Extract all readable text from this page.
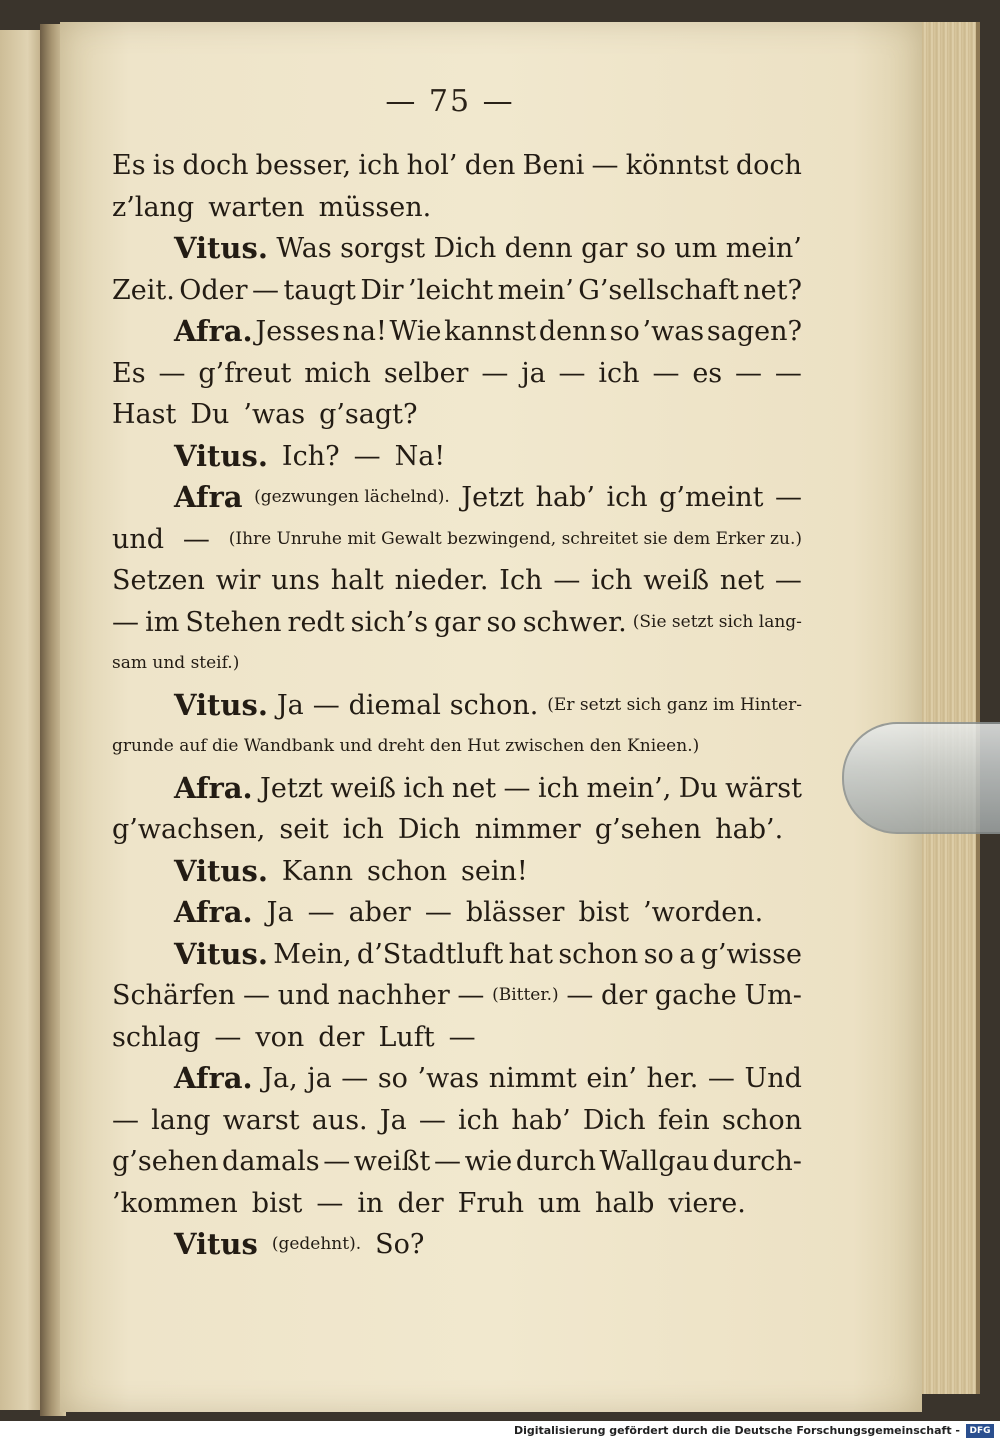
— 75 —
Es is doch besser, ich hol’ den Beni — könntst doch
z’lang warten müssen.
Vitus. Was sorgst Dich denn gar so um mein’
Zeit. Oder — taugt Dir ’leicht mein’ G’sellschaft net?
Afra. Jesses na! Wie kannst denn so ’was sagen?
Es — g’freut mich selber — ja — ich — es — —
Hast Du ’was g’sagt?
Vitus. Ich? — Na!
Afra (gezwungen lächelnd). Jetzt hab’ ich g’meint —
und — (Ihre Unruhe mit Gewalt bezwingend, schreitet sie dem Erker zu.)
Setzen wir uns halt nieder. Ich — ich weiß net —
— im Stehen redt sich’s gar so schwer. (Sie setzt sich lang-
sam und steif.)
Vitus. Ja — diemal schon. (Er setzt sich ganz im Hinter-
grunde auf die Wandbank und dreht den Hut zwischen den Knieen.)
Afra. Jetzt weiß ich net — ich mein’, Du wärst
g’wachsen, seit ich Dich nimmer g’sehen hab’.
Vitus. Kann schon sein!
Afra. Ja — aber — blässer bist ’worden.
Vitus. Mein, d’Stadtluft hat schon so a g’wisse
Schärfen — und nachher — (Bitter.) — der gache Um-
schlag — von der Luft —
Afra. Ja, ja — so ’was nimmt ein’ her. — Und
— lang warst aus. Ja — ich hab’ Dich fein schon
g’sehen damals — weißt — wie durch Wallgau durch-
’kommen bist — in der Fruh um halb viere.
Vitus (gedehnt). So?
Digitalisierung gefördert durch die Deutsche Forschungsgemeinschaft -	DFG
